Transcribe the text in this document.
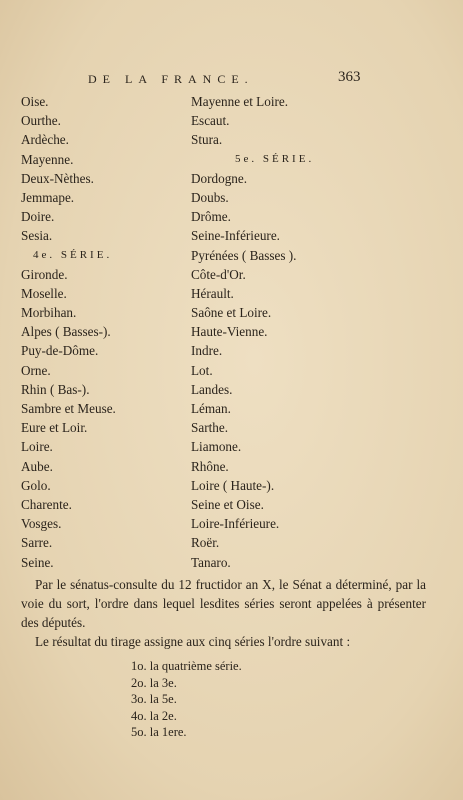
DE LA FRANCE.	363
Oise.
Ourthe.
Ardèche.
Mayenne.
Deux-Nèthes.
Jemmape.
Doire.
Sesia.
4e. SÉRIE.
Gironde.
Moselle.
Morbihan.
Alpes ( Basses-).
Puy-de-Dôme.
Orne.
Rhin ( Bas-).
Sambre et Meuse.
Eure et Loir.
Loire.
Aube.
Golo.
Charente.
Vosges.
Sarre.
Seine.
Mayenne et Loire.
Escaut.
Stura.
5e. SÉRIE.
Dordogne.
Doubs.
Drôme.
Seine-Inférieure.
Pyrénées ( Basses ).
Côte-d'Or.
Hérault.
Saône et Loire.
Haute-Vienne.
Indre.
Lot.
Landes.
Léman.
Sarthe.
Liamone.
Rhône.
Loire ( Haute-).
Seine et Oise.
Loire-Inférieure.
Roër.
Tanaro.

Par le sénatus-consulte du 12 fructidor an X, le Sénat a déterminé, par la voie du sort, l'ordre dans lequel lesdites séries seront appelées à présenter des députés.

Le résultat du tirage assigne aux cinq séries l'ordre suivant :

1o. la quatrième série.
2o. la 3e.
3o. la 5e.
4o. la 2e.
5o. la 1ere.
